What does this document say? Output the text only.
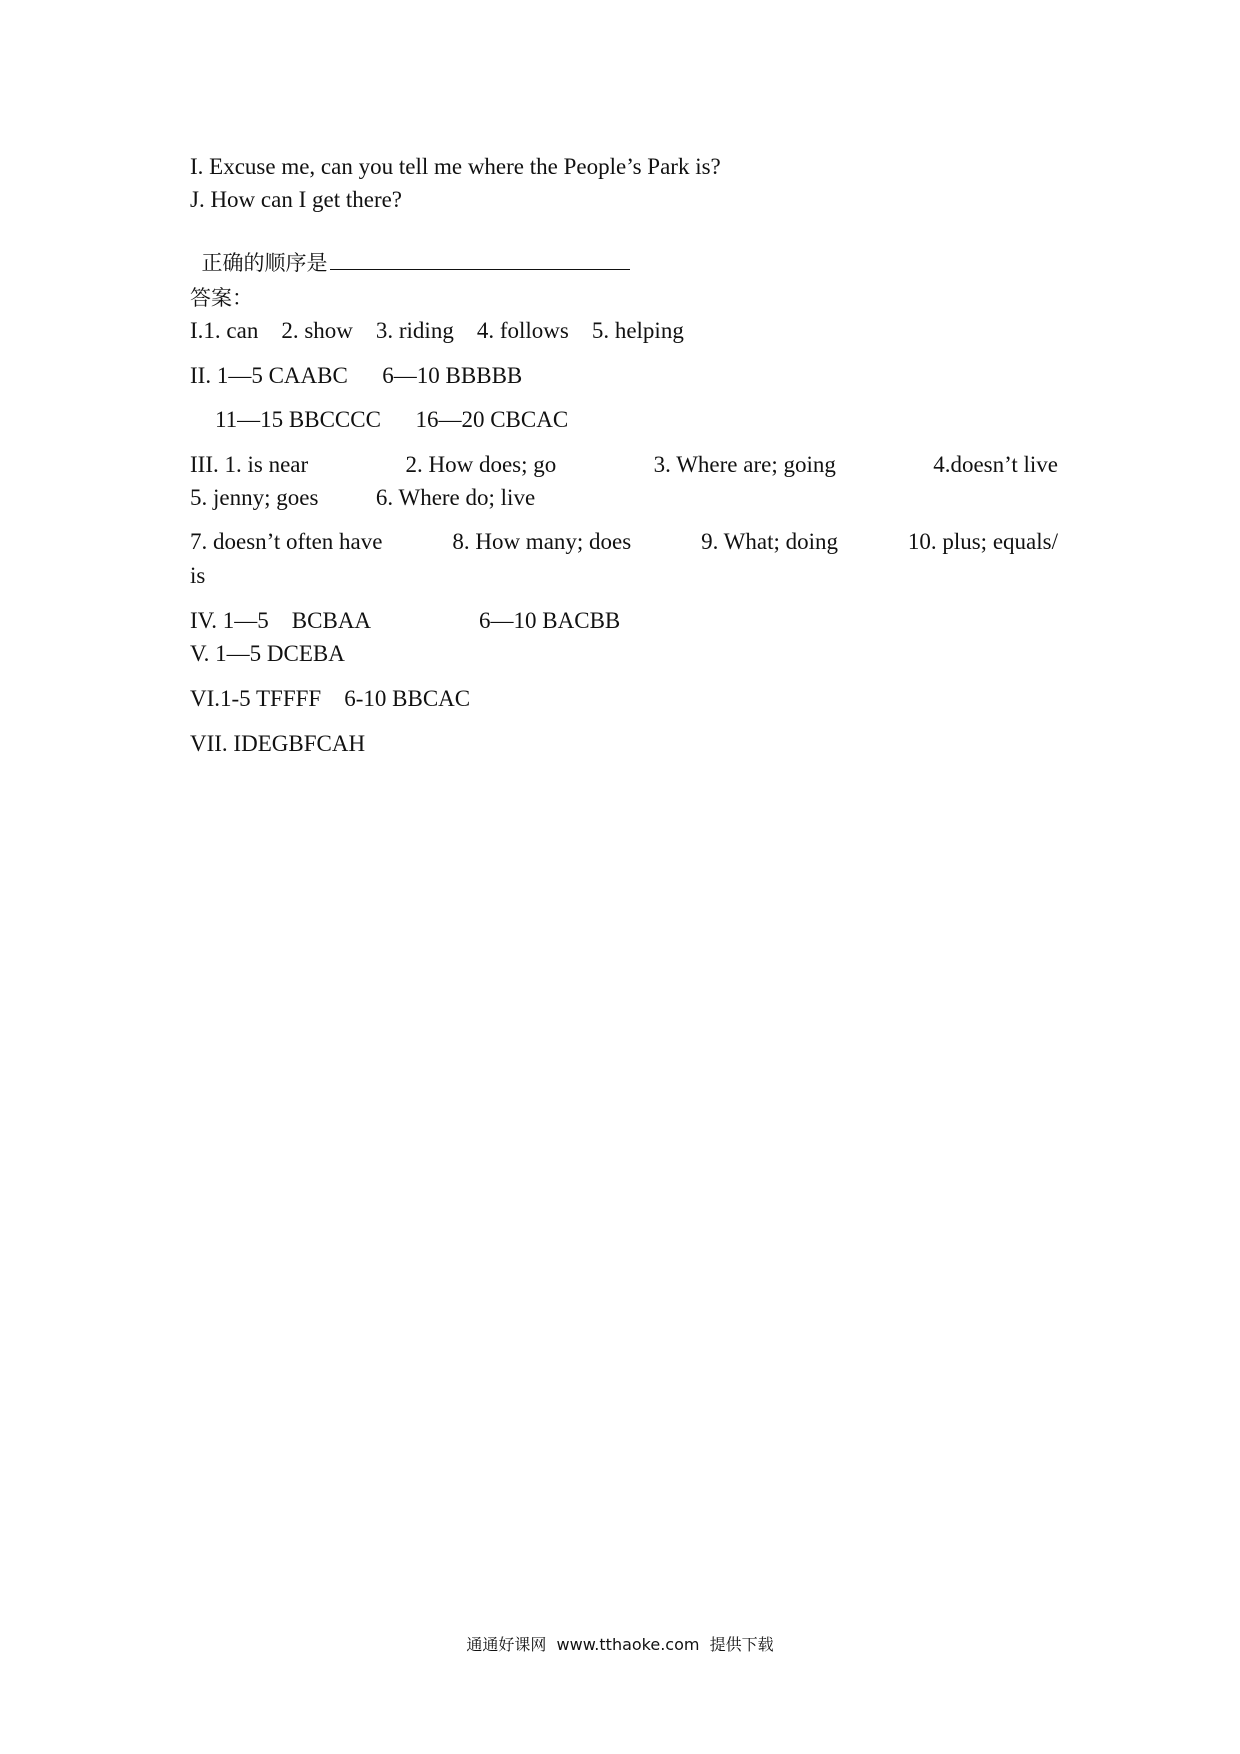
I. Excuse me, can you tell me where the People’s Park is?
J. How can I get there?

正确的顺序是

答案：
I.1. can    2. show    3. riding    4. follows    5. helping
II. 1—5 CAABC      6—10 BBBBB
11—15 BBCCCC      16—20 CBCAC
III. 1. is near	2. How does; go	3. Where are; going	4.doesn’t live
5. jenny; goes          6. Where do; live
7. doesn’t often have	8. How many; does	9. What; doing	10. plus; equals/
is
IV. 1—5    BCBAA                   6—10 BACBB
V. 1—5 DCEBA
VI.1-5 TFFFF    6-10 BBCAC
VII. IDEGBFCAH
通通好课网  www.tthaoke.com  提供下载
